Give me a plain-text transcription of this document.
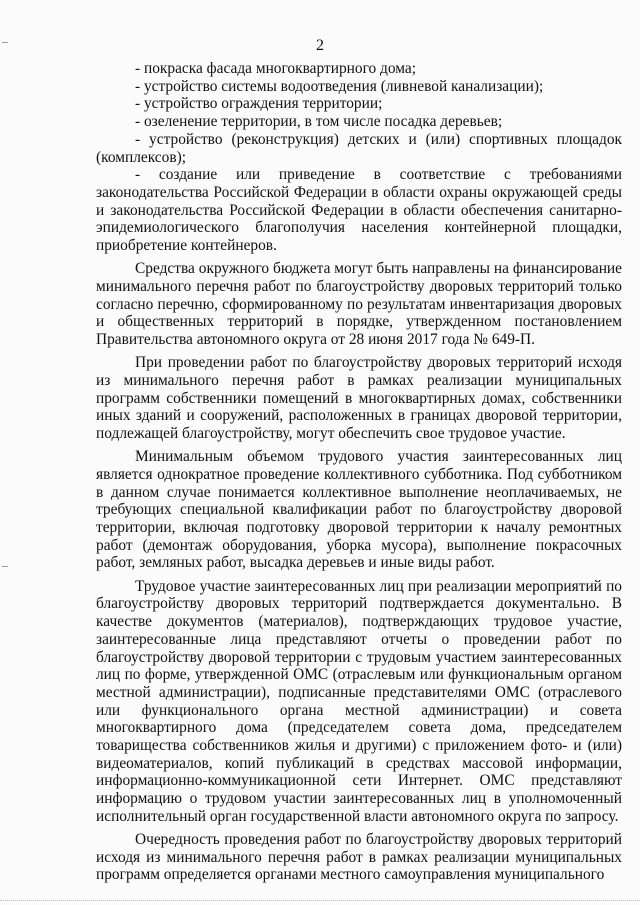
2

- покраска фасада многоквартирного дома;

- устройство системы водоотведения (ливневой канализации);

- устройство ограждения территории;

- озеленение территории, в том числе посадка деревьев;

- устройство (реконструкция) детских и (или) спортивных площадок (комплексов);

- создание или приведение в соответствие с требованиями законодательства Российской Федерации в области охраны окружающей среды и законодательства Российской Федерации в области обеспечения санитарно-эпидемиологического благополучия населения контейнерной площадки, приобретение контейнеров.

Средства окружного бюджета могут быть направлены на финансирование минимального перечня работ по благоустройству дворовых территорий только согласно перечню, сформированному по результатам инвентаризация дворовых и общественных территорий в порядке, утвержденном постановлением Правительства автономного округа от 28 июня 2017 года № 649-П.

При проведении работ по благоустройству дворовых территорий исходя из минимального перечня работ в рамках реализации муниципальных программ собственники помещений в многоквартирных домах, собственники иных зданий и сооружений, расположенных в границах дворовой территории, подлежащей благоустройству, могут обеспечить свое трудовое участие.

Минимальным объемом трудового участия заинтересованных лиц является однократное проведение коллективного субботника. Под субботником в данном случае понимается коллективное выполнение неоплачиваемых, не требующих специальной квалификации работ по благоустройству дворовой территории, включая подготовку дворовой территории к началу ремонтных работ (демонтаж оборудования, уборка мусора), выполнение покрасочных работ, земляных работ, высадка деревьев и иные виды работ.

Трудовое участие заинтересованных лиц при реализации мероприятий по благоустройству дворовых территорий подтверждается документально. В качестве документов (материалов), подтверждающих трудовое участие, заинтересованные лица представляют отчеты о проведении работ по благоустройству дворовой территории с трудовым участием заинтересованных лиц по форме, утвержденной ОМС (отраслевым или функциональным органом местной администрации), подписанные представителями ОМС (отраслевого или функционального органа местной администрации) и совета многоквартирного дома (председателем совета дома, председателем товарищества собственников жилья и другими) с приложением фото- и (или) видеоматериалов, копий публикаций в средствах массовой информации, информационно-коммуникационной сети Интернет. ОМС представляют информацию о трудовом участии заинтересованных лиц в уполномоченный исполнительный орган государственной власти автономного округа по запросу.

Очередность проведения работ по благоустройству дворовых территорий исходя из минимального перечня работ в рамках реализации муниципальных программ определяется органами местного самоуправления муниципального
